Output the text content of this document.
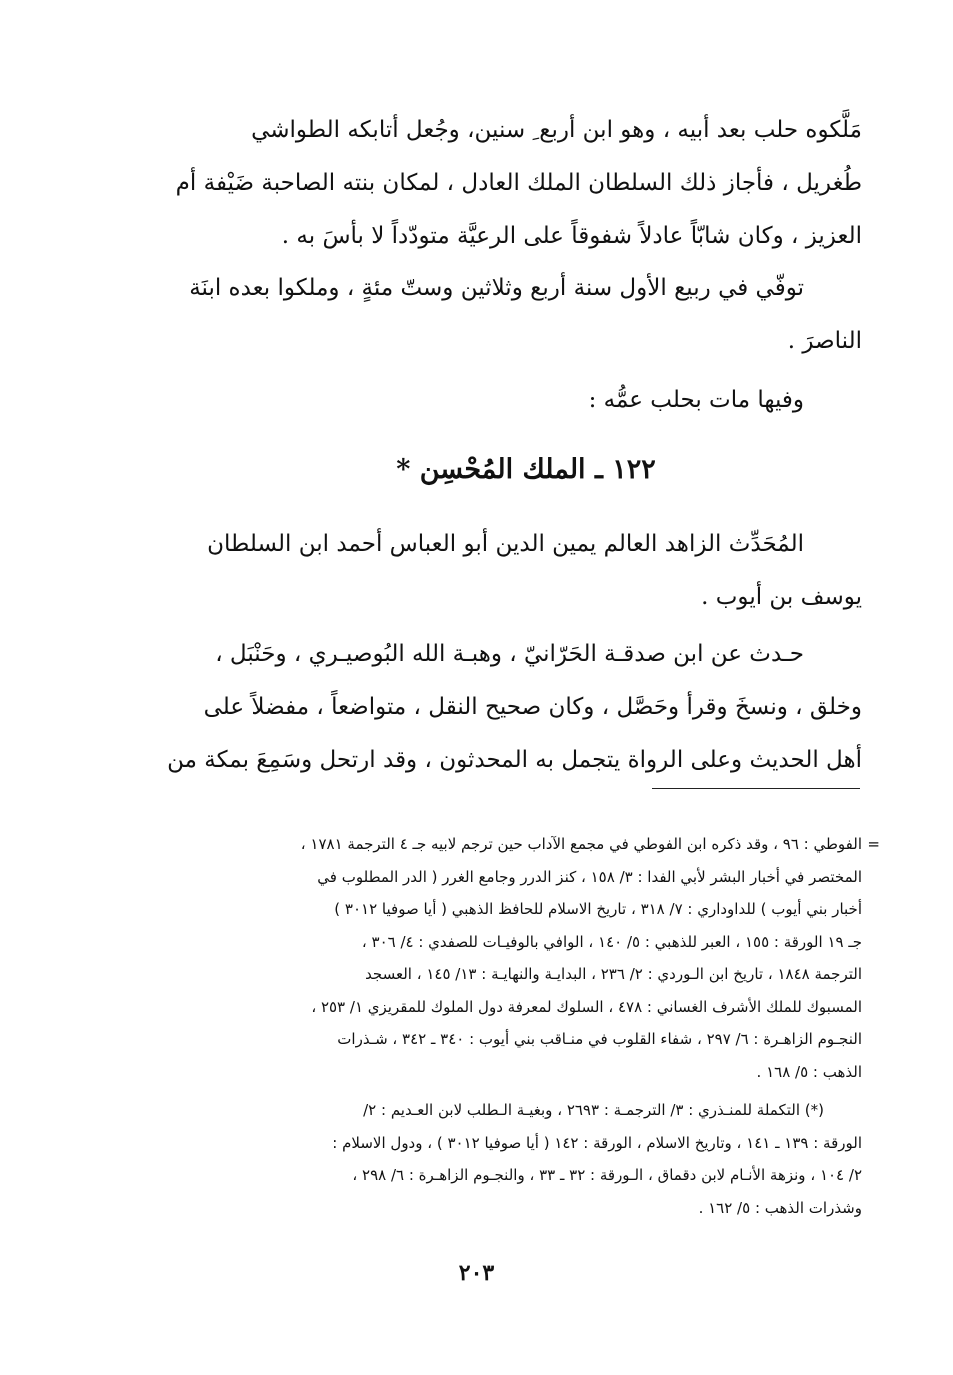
مَلَّكوه حلب بعد أبيه ، وهو ابن أربع ِ سنين، وجُعل أتابكه الطواشي

طُغريل ، فأجاز ذلك السلطان الملك العادل ، لمكان بنته الصاحبة ضَيْفة أم

العزيز ، وكان شابّاً عادلاً شفوقاً على الرعيَّة متودّداً لا بأسَ به .

توفّي في ربيع الأول سنة أربع وثلاثين وستّ مئةٍ ، وملكوا بعده ابنَة

الناصرَ .

وفيها مات بحلب عمُّه :

١٢٢ ـ الملك المُحْسِن *

المُحَدِّث الزاهد العالم يمين الدين أبو العباس أحمد ابن السلطان

يوسف بن أيوب .

حـدث عن ابن صدقـة الحَرّانيّ ، وهبـة الله البُوصيـري ، وحَنْبَل ،

وخلق ، ونسخَ وقرأ وحَصَّل ، وكان صحيح النقل ، متواضعاً ، مفضلاً على

أهل الحديث وعلى الرواة يتجمل به المحدثون ، وقد ارتحل وسَمِعَ بمكة من

=

الفوطي : ٩٦ ، وقد ذكره ابن الفوطي في مجمع الآداب حين ترجم لابيه جـ ٤ الترجمة ١٧٨١ ،

المختصر في أخبار البشر لأبي الفدا : ٣/ ١٥٨ ، كنز الدرر وجامع الغرر ( الدر المطلوب في

أخبار بني أيوب ) للداوداري : ٧/ ٣١٨ ، تاريخ الاسلام للحافظ الذهبي ( أيا صوفيا ٣٠١٢ )

جـ ١٩ الورقة : ١٥٥ ، العبر للذهبي : ٥/ ١٤٠ ، الوافي بالوفيـات للصفدي : ٤/ ٣٠٦ ،

الترجمة ١٨٤٨ ، تاريخ ابن الـوردي : ٢/ ٢٣٦ ، البدايـة والنهايـة : ١٣/ ١٤٥ ، العسجد

المسبوك للملك الأشرف الغساني : ٤٧٨ ، السلوك لمعرفة دول الملوك للمقريزي ١/ ٢٥٣ ،

النجـوم الزاهـرة : ٦/ ٢٩٧ ، شفاء القلوب في منـاقب بني أيوب : ٣٤٠ ـ ٣٤٢ ، شـذرات

الذهب : ٥/ ١٦٨ .

(*) التكملة للمنـذري : ٣/ الترجمـة : ٢٦٩٣ ، وبغيـة الـطلب لابن العـديم : ٢/

الورقة : ١٣٩ ـ ١٤١ ، وتاريخ الاسلام ، الورقة : ١٤٢ ( أيا صوفيا ٣٠١٢ ) ، ودول الاسلام :

٢/ ١٠٤ ، ونزهة الأنـام لابن دقماق ، الـورقة : ٣٢ ـ ٣٣ ، والنجـوم الزاهـرة : ٦/ ٢٩٨ ،

وشذرات الذهب : ٥/ ١٦٢ .

٢٠٣
